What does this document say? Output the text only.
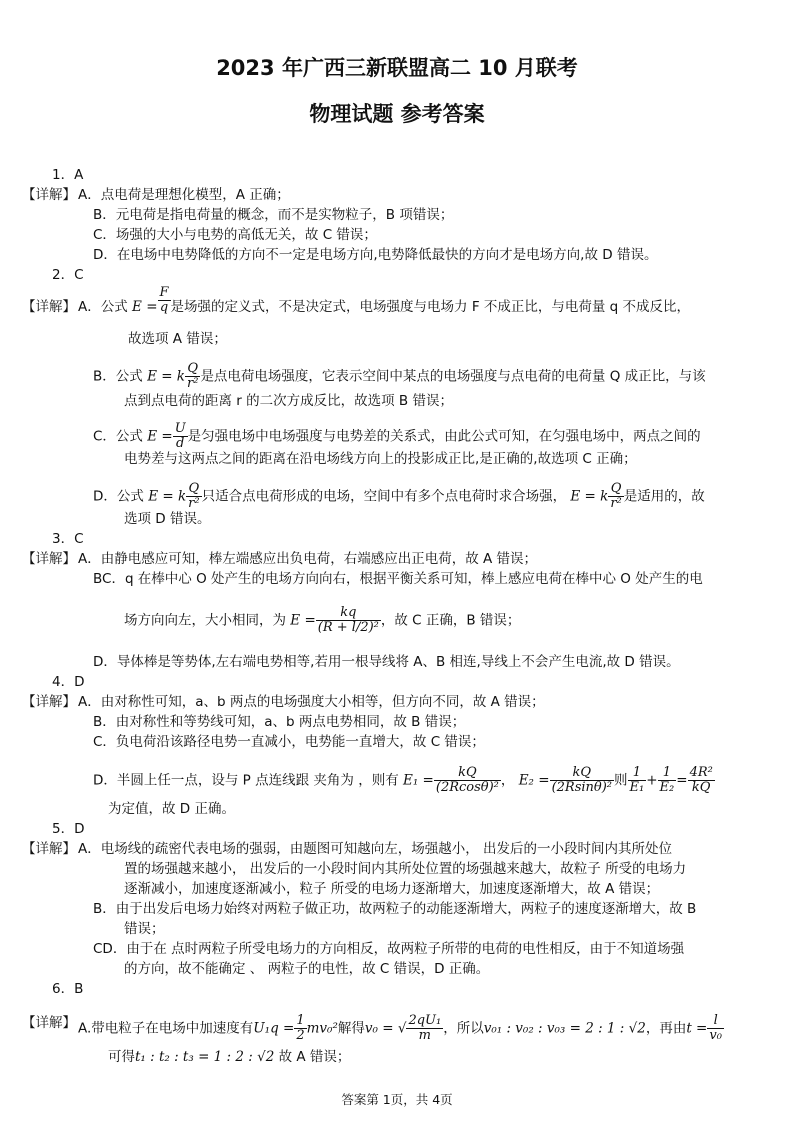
2023 年广西三新联盟高二 10 月联考
物理试题 参考答案
1．A
【详解】 A．点电荷是理想化模型，A 正确；
B．元电荷是指电荷量的概念，而不是实物粒子，B 项错误；
C．场强的大小与电势的高低无关，故 C 错误；
D．在电场中电势降低的方向不一定是电场方向,电势降低最快的方向才是电场方向,故 D 错误。
2．C
【详解】 A．公式 $E = \frac{F}{q}$ 是场强的定义式，不是决定式，电场强度与电场力 F 不成正比，与电荷量 q 不成反比，
故选项 A 错误；
B．公式 E = k $\frac{Q}{\text{r²}}$ 是点电荷电场强度，它表示空间中某点的电场强度与点电荷的电荷量 Q 成正比，与该
点到点电荷的距离 r 的二次方成反比，故选项 B 错误；
C．公式 $E = \frac{U}{d}$ 是匀强电场中电场强度与电势差的关系式，由此公式可知，在匀强电场中，两点之间的
电势差与这两点之间的距离在沿电场线方向上的投影成正比,是正确的,故选项 C 正确；
D．公式 E = k $\frac{Q}{\text{r²}}$ 只适合点电荷形成的电场，空间中有多个点电荷时求合场强， E = k $\frac{Q}{\text{r²}}$ 是适用的，故
选项 D 错误。
3．C
【详解】 A．由静电感应可知，棒左端感应出负电荷，右端感应出正电荷，故 A 错误；
BC．q 在棒中心 O 处产生的电场方向向右，根据平衡关系可知，棒上感应电荷在棒中心 O 处产生的电
场方向向左，大小相同，为 $E = \frac{kq}{\text{(R + l/2)²}}$ ，故 C 正确，B 错误；
D．导体棒是等势体,左右端电势相等,若用一根导线将 A、B 相连,导线上不会产生电流,故 D 错误。
4．D
【详解】 A．由对称性可知，a、b 两点的电场强度大小相等，但方向不同，故 A 错误；
B．由对称性和等势线可知，a、b 两点电势相同，故 B 错误；
C．负电荷沿该路径电势一直减小，电势能一直增大，故 C 错误；
D．半圆上任一点，设与 P 点连线跟 夹角为 ，则有 $E_1 = \frac{kQ}{\text{(2Rcosθ)²}}$ ， $E_2 = \frac{kQ}{\text{(2Rsinθ)²}}$ 则 $\frac{1}{\text{E₁}} + \frac{1}{\text{E₂}} = \frac{\text{4R²}}{kQ}$
为定值，故 D 正确。
5．D
【详解】 A．电场线的疏密代表电场的强弱，由题图可知越向左，场强越小， 出发后的一小段时间内其所处位
置的场强越来越小， 出发后的一小段时间内其所处位置的场强越来越大，故粒子 所受的电场力
逐渐减小，加速度逐渐减小，粒子 所受的电场力逐渐增大，加速度逐渐增大，故 A 错误；
B．由于出发后电场力始终对两粒子做正功，故两粒子的动能逐渐增大，两粒子的速度逐渐增大，故 B
错误；
CD．由于在 点时两粒子所受电场力的方向相反，故两粒子所带的电荷的电性相反，由于不知道场强
的方向，故不能确定 、 两粒子的电性，故 C 错误，D 正确。
6．B
【详解】 A.带电粒子在电场中加速度有$U_1q = \frac{1}{2} mv_0^2$解得v₀ = √ $\frac{\text{2qU₁}}{m}$ ，所以v₀₁ : v₀₂ : v₀₃ = 2 : 1 : √2，再由$t = \frac{l}{\text{v₀}}$
可得t₁ : t₂ : t₃ = 1 : 2 : √2 故 A 错误；
答案第 1页，共 4页
